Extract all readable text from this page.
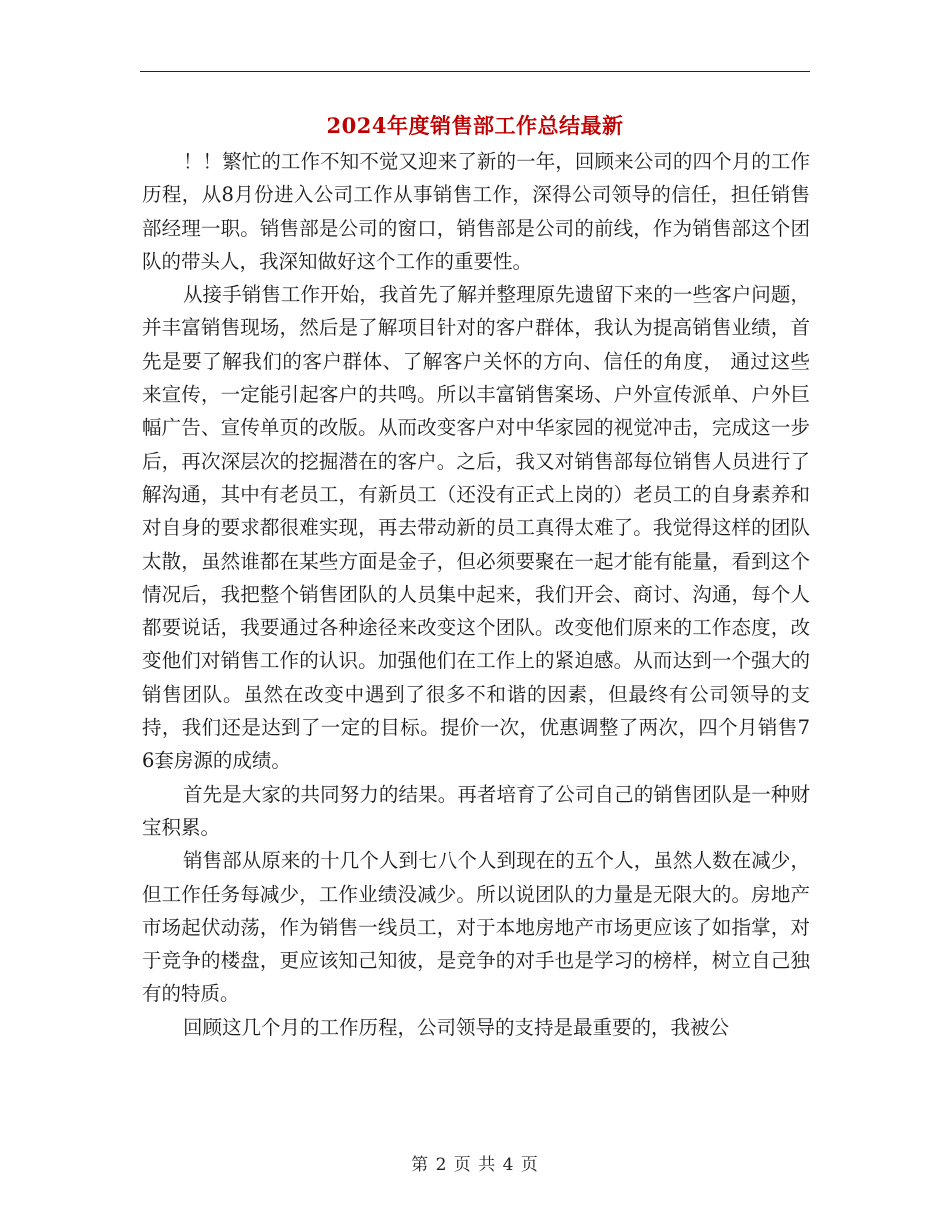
2024年度销售部工作总结最新

！！繁忙的工作不知不觉又迎来了新的一年，回顾来公司的四个月的工作历程，从8月份进入公司工作从事销售工作，深得公司领导的信任，担任销售部经理一职。销售部是公司的窗口，销售部是公司的前线，作为销售部这个团队的带头人，我深知做好这个工作的重要性。

从接手销售工作开始，我首先了解并整理原先遗留下来的一些客户问题，并丰富销售现场，然后是了解项目针对的客户群体，我认为提高销售业绩，首先是要了解我们的客户群体、了解客户关怀的方向、信任的角度， 通过这些来宣传，一定能引起客户的共鸣。所以丰富销售案场、户外宣传派单、户外巨幅广告、宣传单页的改版。从而改变客户对中华家园的视觉冲击，完成这一步后，再次深层次的挖掘潜在的客户。之后，我又对销售部每位销售人员进行了解沟通，其中有老员工，有新员工（还没有正式上岗的）老员工的自身素养和对自身的要求都很难实现，再去带动新的员工真得太难了。我觉得这样的团队太散，虽然谁都在某些方面是金子，但必须要聚在一起才能有能量，看到这个情况后，我把整个销售团队的人员集中起来，我们开会、商讨、沟通，每个人都要说话，我要通过各种途径来改变这个团队。改变他们原来的工作态度，改变他们对销售工作的认识。加强他们在工作上的紧迫感。从而达到一个强大的销售团队。虽然在改变中遇到了很多不和谐的因素，但最终有公司领导的支持，我们还是达到了一定的目标。提价一次，优惠调整了两次，四个月销售76套房源的成绩。

首先是大家的共同努力的结果。再者培育了公司自己的销售团队是一种财宝积累。

销售部从原来的十几个人到七八个人到现在的五个人，虽然人数在减少，但工作任务每减少，工作业绩没减少。所以说团队的力量是无限大的。房地产市场起伏动荡，作为销售一线员工，对于本地房地产市场更应该了如指掌，对于竞争的楼盘，更应该知己知彼，是竞争的对手也是学习的榜样，树立自己独有的特质。

回顾这几个月的工作历程，公司领导的支持是最重要的，我被公

第 2 页 共 4 页
